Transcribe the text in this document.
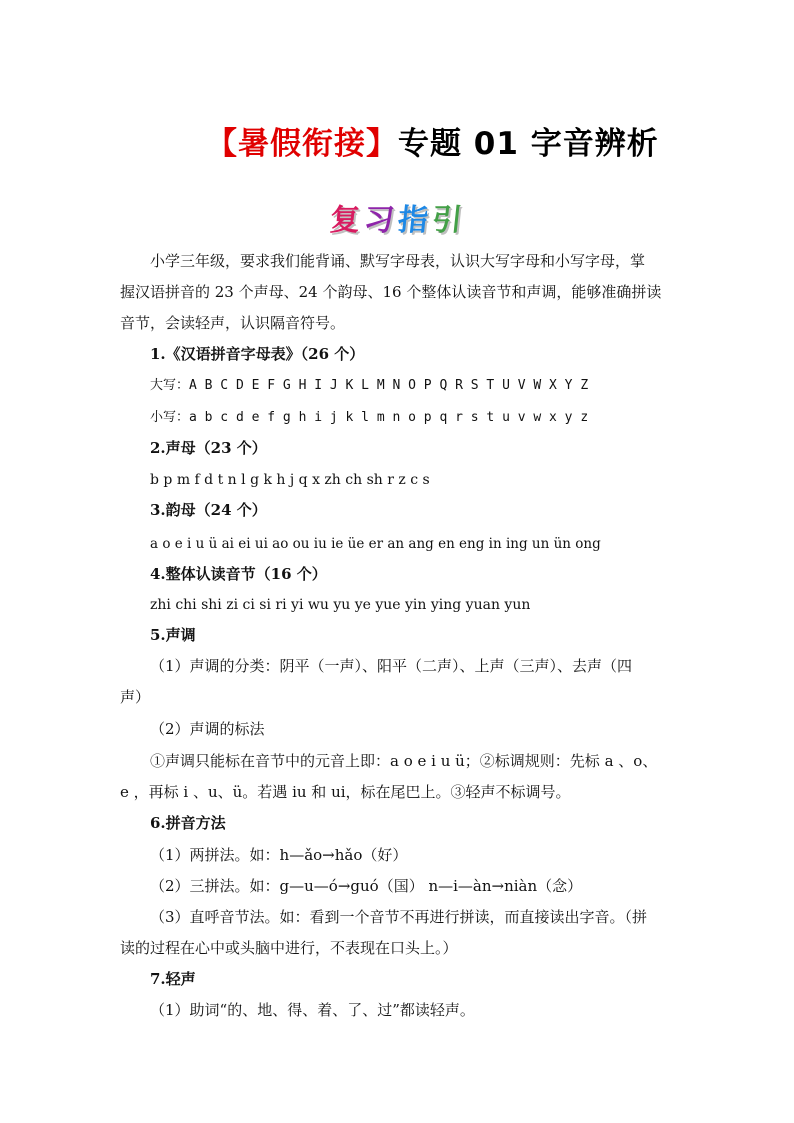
【暑假衔接】专题 01 字音辨析
复习指引
小学三年级，要求我们能背诵、默写字母表，认识大写字母和小写字母，掌
握汉语拼音的 23 个声母、24 个韵母、16 个整体认读音节和声调，能够准确拼读
音节，会读轻声，认识隔音符号。
1.《汉语拼音字母表》（26 个）
大写：A B C D E F G H I J K L M N O P Q R S T U V W X Y Z
小写：a b c d e f g h i j k l m n o p q r s t u v w x y z
2.声母（23 个）
b p m f d t n l g k h j q x zh ch sh r z c s
3.韵母（24 个）
a o e i u ü ai ei ui ao ou iu ie üe er an ang en eng in ing un ün ong
4.整体认读音节（16 个）
zhi chi shi zi ci si ri yi wu yu ye yue yin ying yuan yun
5.声调
（1）声调的分类：阴平（一声）、阳平（二声）、上声（三声）、去声（四
声）
（2）声调的标法
①声调只能标在音节中的元音上即：a o e i u ü；②标调规则：先标 a 、o、
e ，再标 i 、u、ü。若遇 iu 和 ui，标在尾巴上。③轻声不标调号。
6.拼音方法
（1）两拼法。如：h—ǎo→hǎo（好）
（2）三拼法。如：g—u—ó→guó（国） n—i—àn→niàn（念）
（3）直呼音节法。如：看到一个音节不再进行拼读，而直接读出字音。（拼
读的过程在心中或头脑中进行，不表现在口头上。）
7.轻声
（1）助词“的、地、得、着、了、过”都读轻声。
